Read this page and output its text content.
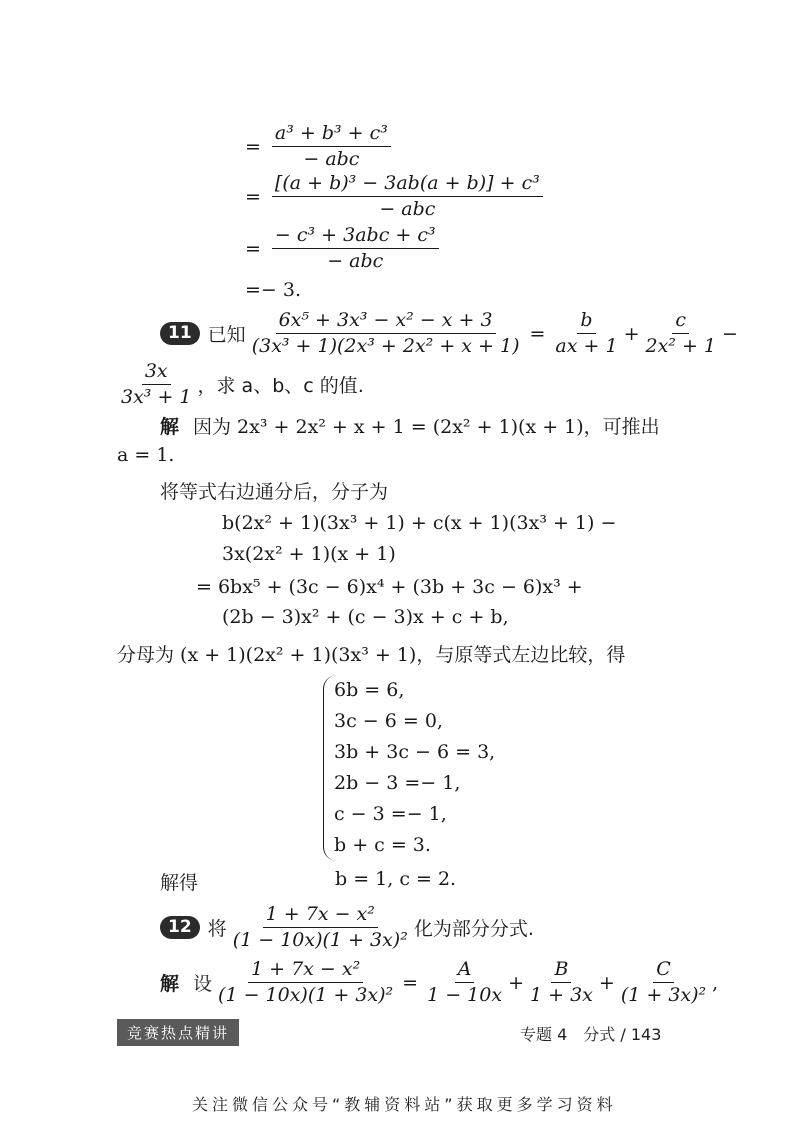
= $\frac{\text{a³ + b³ + c³}}{\text{− abc}}$
= $\frac{\text{[(a + b)³ − 3ab(a + b)] + c³}}{\text{− abc}}$
= $\frac{\text{− c³ + 3abc + c³}}{\text{− abc}}$
=− 3.
11 已知 $\frac{\text{6x⁵ + 3x³ − x² − x + 3}}{\text{(3x³ + 1)(2x³ + 2x² + x + 1)}} = \frac{b}{ax + 1} + \frac{c}{\text{2x² + 1}}$ −
$\frac{3x}{\text{3x³ + 1}}$ ，求 a、b、c 的值.
解 因为 2x³ + 2x² + x + 1 = (2x² + 1)(x + 1)，可推出
a = 1.
将等式右边通分后，分子为
b(2x² + 1)(3x³ + 1) + c(x + 1)(3x³ + 1) −
3x(2x² + 1)(x + 1)
= 6bx⁵ + (3c − 6)x⁴ + (3b + 3c − 6)x³ +
(2b − 3)x² + (c − 3)x + c + b,
分母为 (x + 1)(2x² + 1)(3x³ + 1)，与原等式左边比较，得
6b = 6,
3c − 6 = 0,
3b + 3c − 6 = 3,
2b − 3 =− 1,
c − 3 =− 1,
b + c = 3.
解得	b = 1, c = 2.
12 将 $\frac{\text{1 + 7x − x²}}{\text{(1 − 10x)(1 + 3x)²}}$ 化为部分分式.
解 设 $\frac{\text{1 + 7x − x²}}{\text{(1 − 10x)(1 + 3x)²}} = \frac{A}{1 - 10x} + \frac{B}{1 + 3x} + \frac{C}{\text{(1 + 3x)²}}$ ,
竞赛热点精讲	专题 4　分式 / 143
关注微信公众号“教辅资料站”获取更多学习资料
